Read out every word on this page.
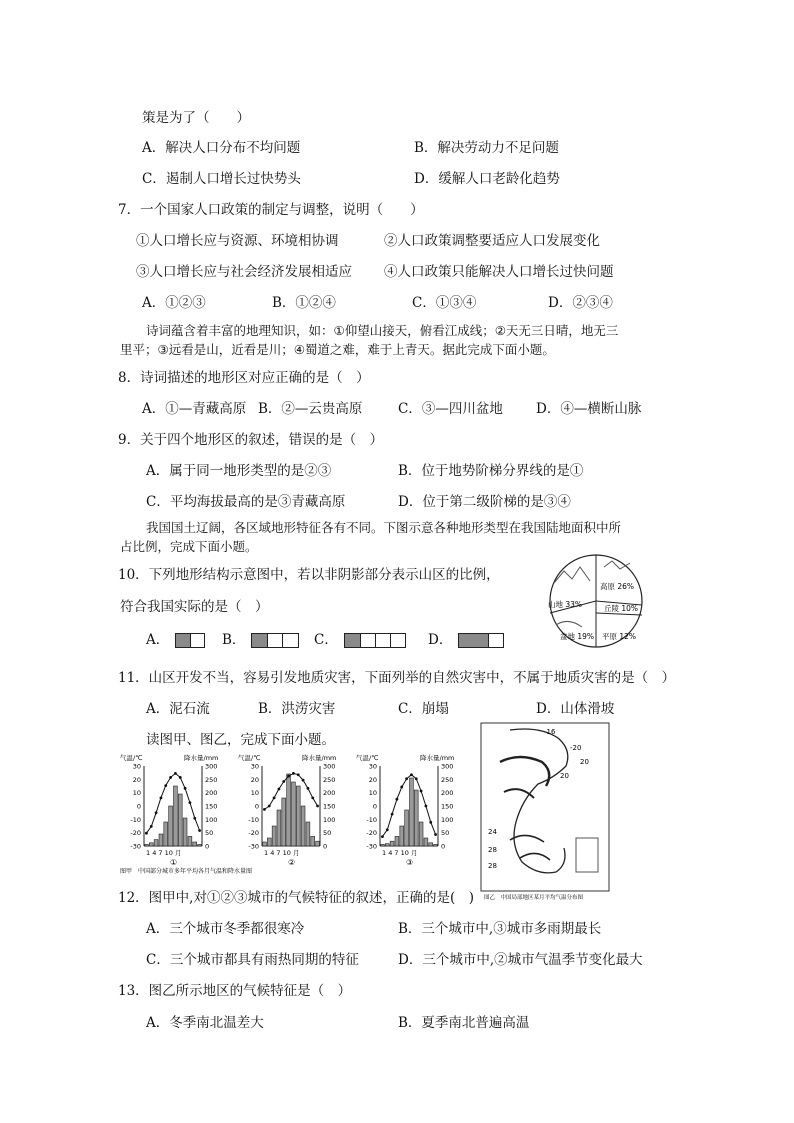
策是为了（　　）
A．解决人口分布不均问题	B．解决劳动力不足问题
C．遏制人口增长过快势头	D．缓解人口老龄化趋势
7．一个国家人口政策的制定与调整，说明（　　）
①人口增长应与资源、环境相协调	②人口政策调整要适应人口发展变化
③人口增长应与社会经济发展相适应 ④人口政策只能解决人口增长过快问题
A．①②③	B．①②④	C．①③④	D．②③④
诗词蕴含着丰富的地理知识，如：①仰望山接天，俯看江成线；②天无三日晴，地无三
里平；③远看是山，近看是川；④蜀道之难，难于上青天。据此完成下面小题。
8．诗词描述的地形区对应正确的是（　）
A．①—青藏高原 B．②—云贵高原	C．③—四川盆地 D．④—横断山脉
9．关于四个地形区的叙述，错误的是（　）
A．属于同一地形类型的是②③	B．位于地势阶梯分界线的是①
C．平均海拔最高的是③青藏高原	D．位于第二级阶梯的是③④
我国国土辽阔，各区域地形特征各有不同。下图示意各种地形类型在我国陆地面积中所
占比例，完成下面小题。
10．下列地形结构示意图中，若以非阴影部分表示山区的比例，
符合我国实际的是（　）
A．	B．	C．	D．
高原 26%
山地 33%	丘陵 10%
盆地 19% 平原 12%
11．山区开发不当，容易引发地质灾害，下面列举的自然灾害中，不属于地质灾害的是（　）
A．泥石流	B．洪涝灾害	C．崩塌	D．山体滑坡
读图甲、图乙，完成下面小题。
气温/℃	降水量/mm
30
20
10
0
-10
-20
-30
300
250
200
150
100
50
0
1 4 7 10 月
①
气温/℃	降水量/mm
30
20
10
0
-10
-20
-30
300
250
200
150
100
50
0
1 4 7 10 月
②
气温/℃	降水量/mm
30
20
10
0
-10
-20
-30
300
250
200
150
100
50
0
1 4 7 10 月
③
图甲　中国部分城市多年平均各月气温和降水量图
-16
-20
20
20
24
28
28
图乙　中国局部地区某月平均气温分布图
12．图甲中,对①②③城市的气候特征的叙述，正确的是(　)
A．三个城市冬季都很寒冷	B．三个城市中,③城市多雨期最长
C．三个城市都具有雨热同期的特征	D．三个城市中,②城市气温季节变化最大
13．图乙所示地区的气候特征是（　）
A．冬季南北温差大	B．夏季南北普遍高温
